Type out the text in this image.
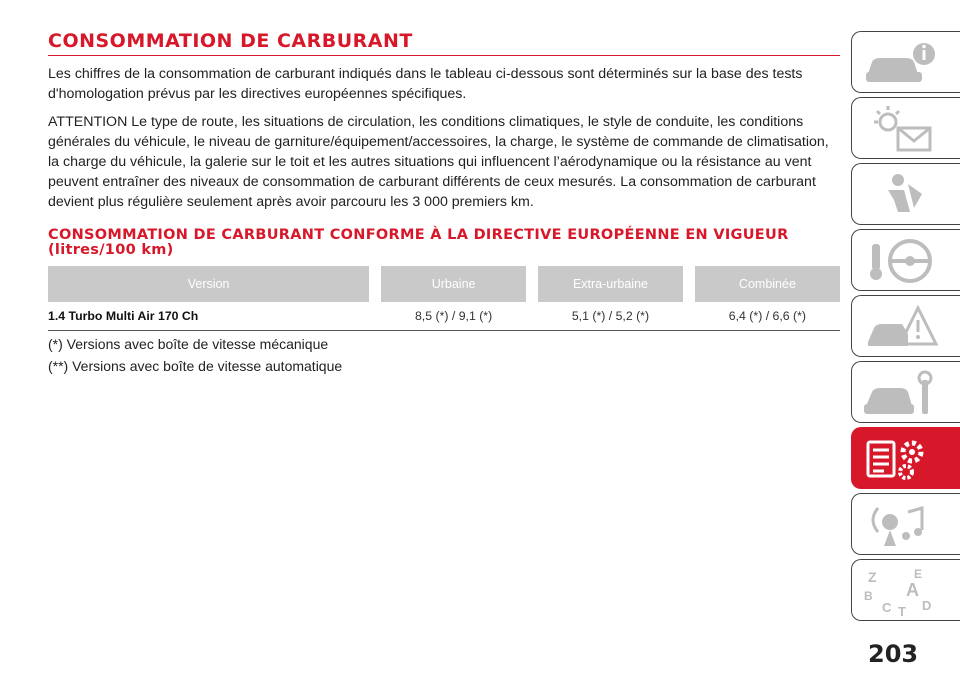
CONSOMMATION DE CARBURANT

Les chiffres de la consommation de carburant indiqués dans le tableau ci-dessous sont déterminés sur la base des tests d'homologation prévus par les directives européennes spécifiques.

ATTENTION Le type de route, les situations de circulation, les conditions climatiques, le style de conduite, les conditions générales du véhicule, le niveau de garniture/équipement/accessoires, la charge, le système de commande de climatisation, la charge du véhicule, la galerie sur le toit et les autres situations qui influencent l’aérodynamique ou la résistance au vent peuvent entraîner des niveaux de consommation de carburant différents de ceux mesurés. La consommation de carburant devient plus régulière seulement après avoir parcouru les 3 000 premiers km.

CONSOMMATION DE CARBURANT CONFORME À LA DIRECTIVE EUROPÉENNE EN VIGUEUR (litres/100 km)
Version		Urbaine		Extra-urbaine		Combinée
1.4 Turbo Multi Air 170 Ch		8,5 (*) / 9,1 (*)		5,1 (*) / 5,2 (*)		6,4 (*) / 6,6 (*)

(*) Versions avec boîte de vitesse mécanique

(**) Versions avec boîte de vitesse automatique

Z	E
B A
C D
T
203
